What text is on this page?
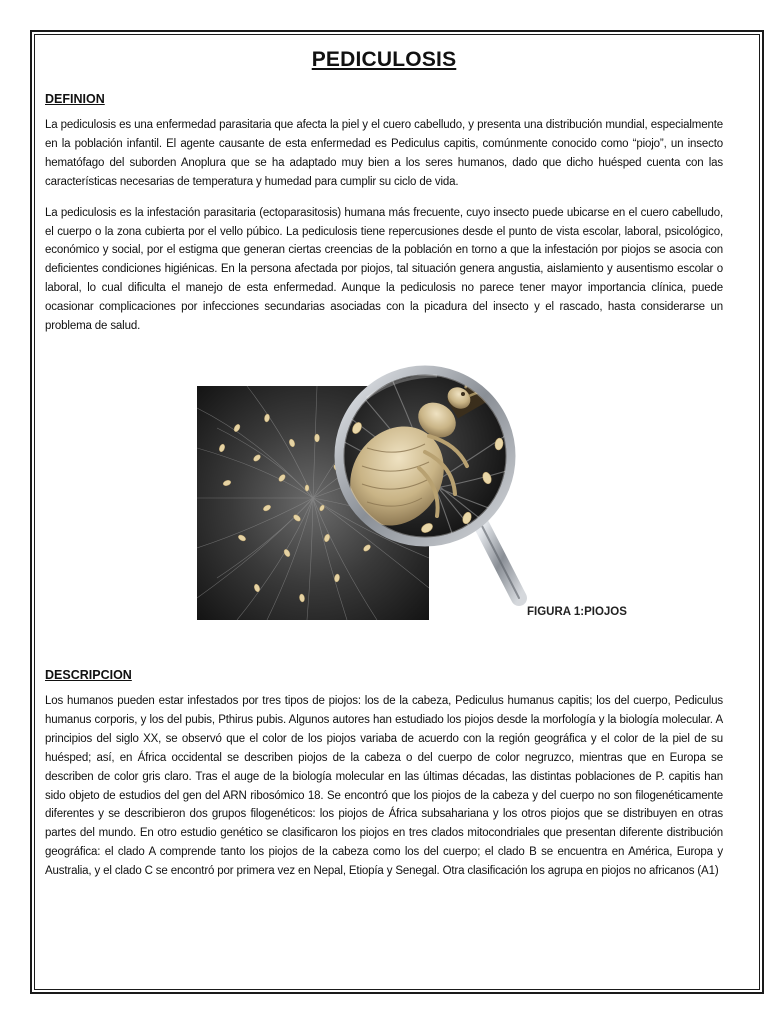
PEDICULOSIS
DEFINION

La pediculosis es una enfermedad parasitaria que afecta la piel y el cuero cabelludo, y presenta una distribución mundial, especialmente en la población infantil. El agente causante de esta enfermedad es Pediculus capitis, comúnmente conocido como “piojo”, un insecto hematófago del suborden Anoplura que se ha adaptado muy bien a los seres humanos, dado que dicho huésped cuenta con las características necesarias de temperatura y humedad para cumplir su ciclo de vida.

La pediculosis es la infestación parasitaria (ectoparasitosis) humana más frecuente, cuyo insecto puede ubicarse en el cuero cabelludo, el cuerpo o la zona cubierta por el vello púbico. La pediculosis tiene repercusiones desde el punto de vista escolar, laboral, psicológico, económico y social, por el estigma que generan ciertas creencias de la población en torno a que la infestación por piojos se asocia con deficientes condiciones higiénicas. En la persona afectada por piojos, tal situación genera angustia, aislamiento y ausentismo escolar o laboral, lo cual dificulta el manejo de esta enfermedad. Aunque la pediculosis no parece tener mayor importancia clínica, puede ocasionar complicaciones por infecciones secundarias asociadas con la picadura del insecto y el rascado, hasta considerarse un problema de salud.

FIGURA 1:PIOJOS
DESCRIPCION

Los humanos pueden estar infestados por tres tipos de piojos: los de la cabeza, Pediculus humanus capitis; los del cuerpo, Pediculus humanus corporis, y los del pubis, Pthirus pubis. Algunos autores han estudiado los piojos desde la morfología y la biología molecular. A principios del siglo XX, se observó que el color de los piojos variaba de acuerdo con la región geográfica y el color de la piel de su huésped; así, en África occidental se describen piojos de la cabeza o del cuerpo de color negruzco, mientras que en Europa se describen de color gris claro. Tras el auge de la biología molecular en las últimas décadas, las distintas poblaciones de P. capitis han sido objeto de estudios del gen del ARN ribosómico 18. Se encontró que los piojos de la cabeza y del cuerpo no son filogenéticamente diferentes y se describieron dos grupos filogenéticos: los piojos de África subsahariana y los otros piojos que se distribuyen en otras partes del mundo. En otro estudio genético se clasificaron los piojos en tres clados mitocondriales que presentan diferente distribución geográfica: el clado A comprende tanto los piojos de la cabeza como los del cuerpo; el clado B se encuentra en América, Europa y Australia, y el clado C se encontró por primera vez en Nepal, Etiopía y Senegal. Otra clasificación los agrupa en piojos no africanos (A1)
